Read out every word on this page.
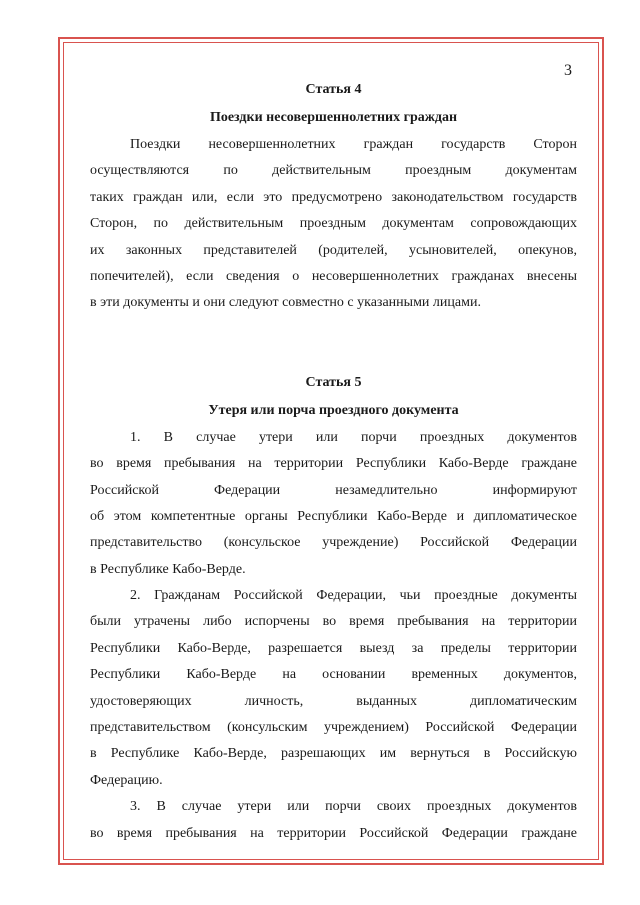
3
Статья 4
Поездки несовершеннолетних граждан
Поездки несовершеннолетних граждан государств Сторон
осуществляются по действительным проездным документам
таких граждан или, если это предусмотрено законодательством государств
Сторон, по действительным проездным документам сопровождающих
их законных представителей (родителей, усыновителей, опекунов,
попечителей), если сведения о несовершеннолетних гражданах внесены
в эти документы и они следуют совместно с указанными лицами.
Статья 5
Утеря или порча проездного документа
1. В случае утери или порчи проездных документов
во время пребывания на территории Республики Кабо-Верде граждане
Российской Федерации незамедлительно информируют
об этом компетентные органы Республики Кабо-Верде и дипломатическое
представительство (консульское учреждение) Российской Федерации
в Республике Кабо-Верде.
2. Гражданам Российской Федерации, чьи проездные документы
были утрачены либо испорчены во время пребывания на территории
Республики Кабо-Верде, разрешается выезд за пределы территории
Республики Кабо-Верде на основании временных документов,
удостоверяющих личность, выданных дипломатическим
представительством (консульским учреждением) Российской Федерации
в Республике Кабо-Верде, разрешающих им вернуться в Российскую
Федерацию.
3. В случае утери или порчи своих проездных документов
во время пребывания на территории Российской Федерации граждане
